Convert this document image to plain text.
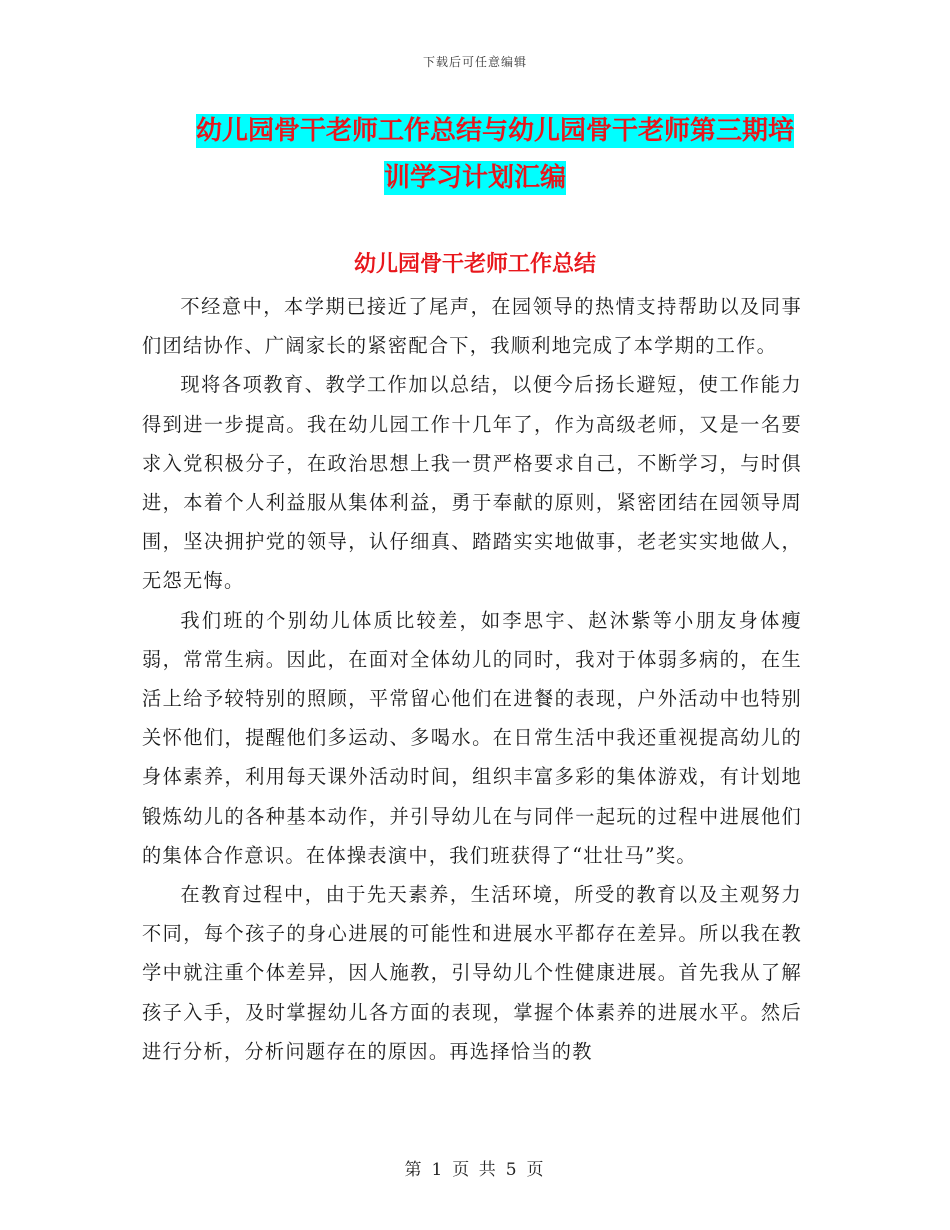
下载后可任意编辑
幼儿园骨干老师工作总结与幼儿园骨干老师第三期培
训学习计划汇编
幼儿园骨干老师工作总结

不经意中，本学期已接近了尾声，在园领导的热情支持帮助以及同事们团结协作、广阔家长的紧密配合下，我顺利地完成了本学期的工作。

现将各项教育、教学工作加以总结，以便今后扬长避短，使工作能力得到进一步提高。我在幼儿园工作十几年了，作为高级老师，又是一名要求入党积极分子，在政治思想上我一贯严格要求自己，不断学习，与时俱进，本着个人利益服从集体利益，勇于奉献的原则，紧密团结在园领导周围，坚决拥护党的领导，认仔细真、踏踏实实地做事，老老实实地做人，无怨无悔。

我们班的个别幼儿体质比较差，如李思宇、赵沐紫等小朋友身体瘦弱，常常生病。因此，在面对全体幼儿的同时，我对于体弱多病的，在生活上给予较特别的照顾，平常留心他们在进餐的表现，户外活动中也特别关怀他们，提醒他们多运动、多喝水。在日常生活中我还重视提高幼儿的身体素养，利用每天课外活动时间，组织丰富多彩的集体游戏，有计划地锻炼幼儿的各种基本动作，并引导幼儿在与同伴一起玩的过程中进展他们的集体合作意识。在体操表演中，我们班获得了“壮壮马”奖。

在教育过程中，由于先天素养，生活环境，所受的教育以及主观努力不同，每个孩子的身心进展的可能性和进展水平都存在差异。所以我在教学中就注重个体差异，因人施教，引导幼儿个性健康进展。首先我从了解孩子入手，及时掌握幼儿各方面的表现，掌握个体素养的进展水平。然后进行分析，分析问题存在的原因。再选择恰当的教

第 1 页 共 5 页
